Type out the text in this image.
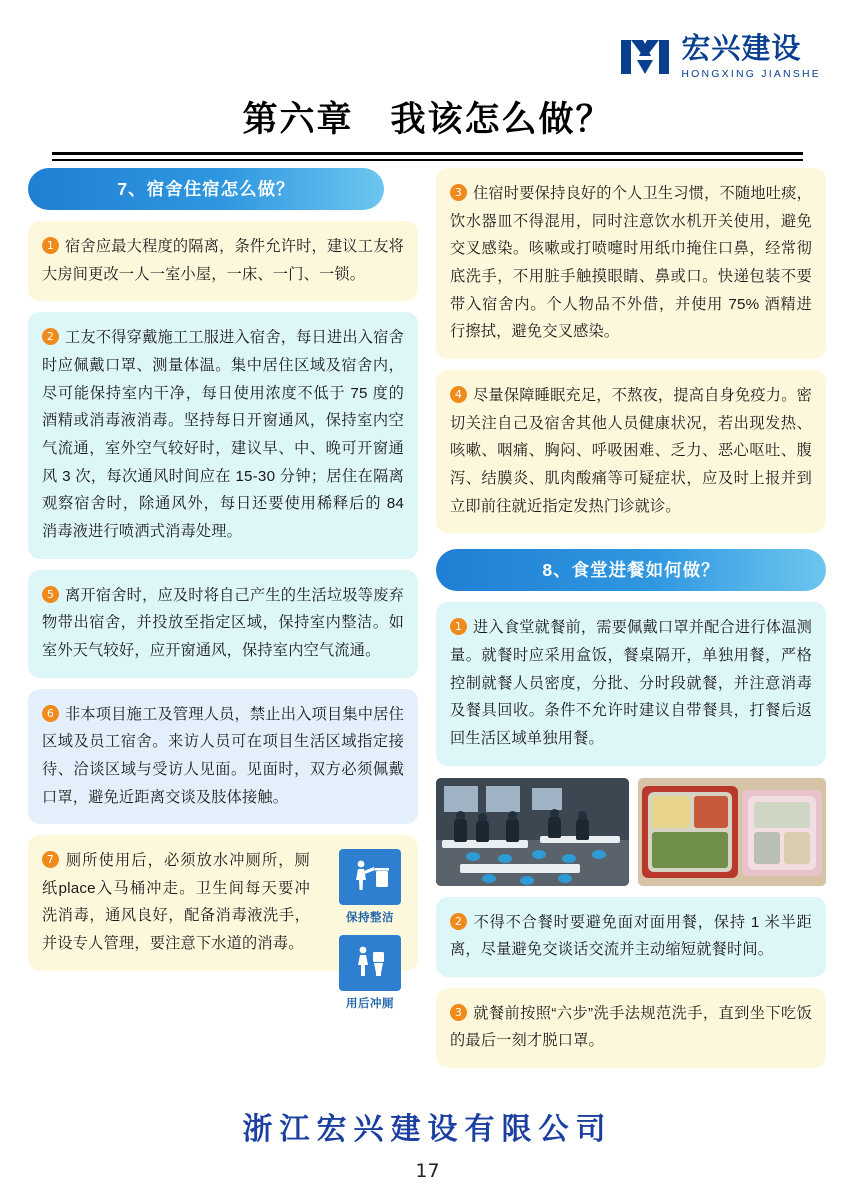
宏兴建设
HONGXING JIANSHE
第六章　我该怎么做？
7、宿舍住宿怎么做？

1 宿舍应最大程度的隔离，条件允许时，建议工友将大房间更改一人一室小屋，一床、一门、一锁。

2 工友不得穿戴施工工服进入宿舍，每日进出入宿舍时应佩戴口罩、测量体温。集中居住区域及宿舍内，尽可能保持室内干净，每日使用浓度不低于 75 度的酒精或消毒液消毒。坚持每日开窗通风，保持室内空气流通，室外空气较好时，建议早、中、晚可开窗通风 3 次，每次通风时间应在 15-30 分钟；居住在隔离观察宿舍时，除通风外，每日还要使用稀释后的 84 消毒液进行喷洒式消毒处理。

5 离开宿舍时，应及时将自己产生的生活垃圾等废弃物带出宿舍，并投放至指定区域，保持室内整洁。如室外天气较好，应开窗通风，保持室内空气流通。

6 非本项目施工及管理人员，禁止出入项目集中居住区域及员工宿舍。来访人员可在项目生活区域指定接待、洽谈区域与受访人见面。见面时，双方必须佩戴口罩，避免近距离交谈及肢体接触。

7 厕所使用后，必须放水冲厕所，厕纸place入马桶冲走。卫生间每天要冲洗消毒，通风良好，配备消毒液洗手，并设专人管理，要注意下水道的消毒。

保持整洁
用后冲厕

3 住宿时要保持良好的个人卫生习惯，不随地吐痰，饮水器皿不得混用，同时注意饮水机开关使用，避免交叉感染。咳嗽或打喷嚏时用纸巾掩住口鼻，经常彻底洗手，不用脏手触摸眼睛、鼻或口。快递包装不要带入宿舍内。个人物品不外借，并使用 75% 酒精进行擦拭，避免交叉感染。

4 尽量保障睡眠充足，不熬夜，提高自身免疫力。密切关注自己及宿舍其他人员健康状况，若出现发热、咳嗽、咽痛、胸闷、呼吸困难、乏力、恶心呕吐、腹泻、结膜炎、肌肉酸痛等可疑症状，应及时上报并到立即前往就近指定发热门诊就诊。

8、食堂进餐如何做？

1 进入食堂就餐前，需要佩戴口罩并配合进行体温测量。就餐时应采用盒饭，餐桌隔开，单独用餐，严格控制就餐人员密度，分批、分时段就餐，并注意消毒及餐具回收。条件不允许时建议自带餐具，打餐后返回生活区域单独用餐。

2 不得不合餐时要避免面对面用餐，保持 1 米半距离，尽量避免交谈话交流并主动缩短就餐时间。

3 就餐前按照“六步”洗手法规范洗手，直到坐下吃饭的最后一刻才脱口罩。

浙江宏兴建设有限公司
17
